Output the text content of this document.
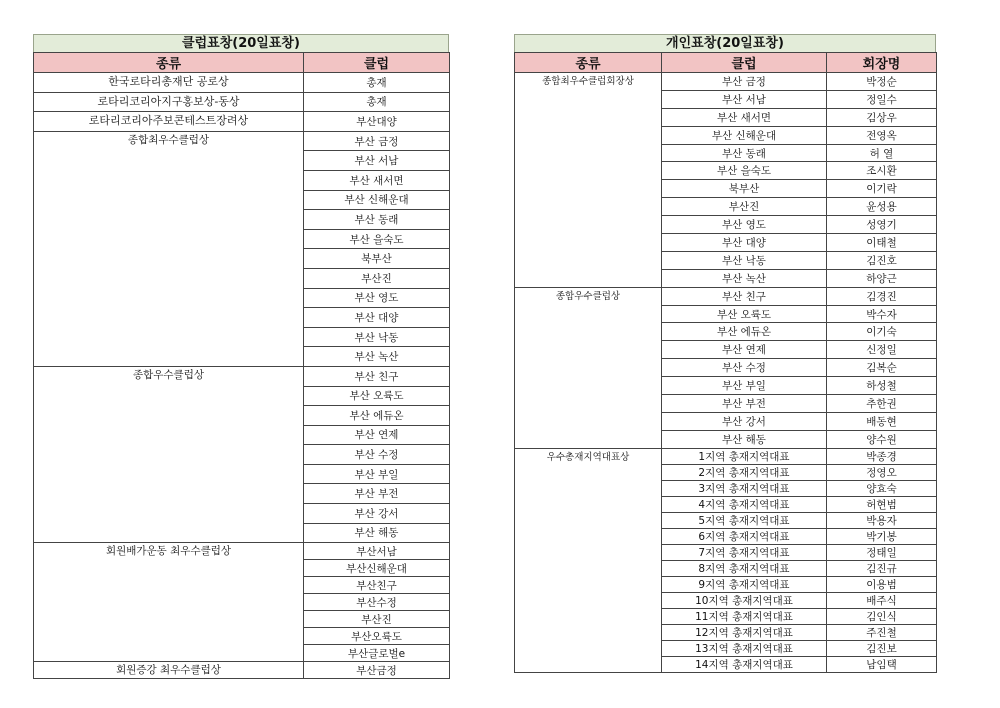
클럽표창(20일표창)
종류	클럽
한국로타리총재단 공로상	총재
로타리코리아지구홍보상-동상	총재
로타리코리아주보콘테스트장려상	부산대양
종합최우수클럽상	부산 금정
	부산 서남
	부산 새서면
	부산 신해운대
	부산 동래
	부산 을숙도
	북부산
	부산진
	부산 영도
	부산 대양
	부산 낙동
	부산 녹산
종합우수클럽상	부산 친구
	부산 오륙도
	부산 에듀온
	부산 연제
	부산 수정
	부산 부일
	부산 부전
	부산 강서
	부산 해동
회원배가운동 최우수클럽상	부산서남
	부산신해운대
	부산친구
	부산수정
	부산진
	부산오륙도
	부산글로벌e
회원증강 최우수클럽상	부산금정
개인표창(20일표창)
종류	클럽	회장명
종합최우수클럽회장상	부산 금정	박정순
	부산 서남	정일수
	부산 새서면	김상우
	부산 신해운대	전영옥
	부산 동래	허 열
	부산 을숙도	조시환
	북부산	이기락
	부산진	윤성용
	부산 영도	성영기
	부산 대양	이태철
	부산 낙동	김진호
	부산 녹산	하양근
종합우수클럽상	부산 친구	김경진
	부산 오륙도	박수자
	부산 에듀온	이기숙
	부산 연제	신정일
	부산 수정	김복순
	부산 부일	하성철
	부산 부전	추한권
	부산 강서	배동현
	부산 해동	양수원
우수총재지역대표상	1지역 총재지역대표	박종경
	2지역 총재지역대표	정영오
	3지역 총재지역대표	양효숙
	4지역 총재지역대표	허현범
	5지역 총재지역대표	박용자
	6지역 총재지역대표	박기봉
	7지역 총재지역대표	정태일
	8지역 총재지역대표	김진규
	9지역 총재지역대표	이용범
	10지역 총재지역대표	배주식
	11지역 총재지역대표	김인식
	12지역 총재지역대표	주진철
	13지역 총재지역대표	김진보
	14지역 총재지역대표	남임택
